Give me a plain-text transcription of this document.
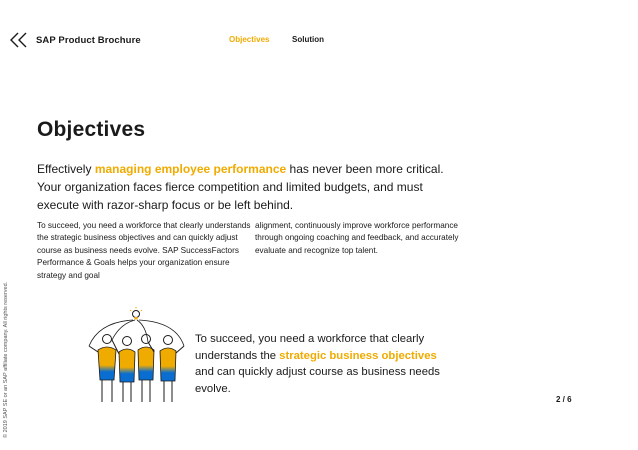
SAP Product Brochure	Objectives	Solution
Objectives

Effectively managing employee performance has never been more critical. Your organization faces fierce competition and limited budgets, and must execute with razor-sharp focus or be left behind.

To succeed, you need a workforce that clearly understands the strategic business objectives and can quickly adjust course as business needs evolve. SAP SuccessFactors Performance & Goals helps your organization ensure strategy and goal

alignment, continuously improve workforce performance through ongoing coaching and feedback, and accurately evaluate and recognize top talent.

© 2019 SAP SE or an SAP affiliate company. All rights reserved.	To succeed, you need a workforce that clearly understands the strategic business objectives and can quickly adjust course as business needs evolve.

2 / 6
